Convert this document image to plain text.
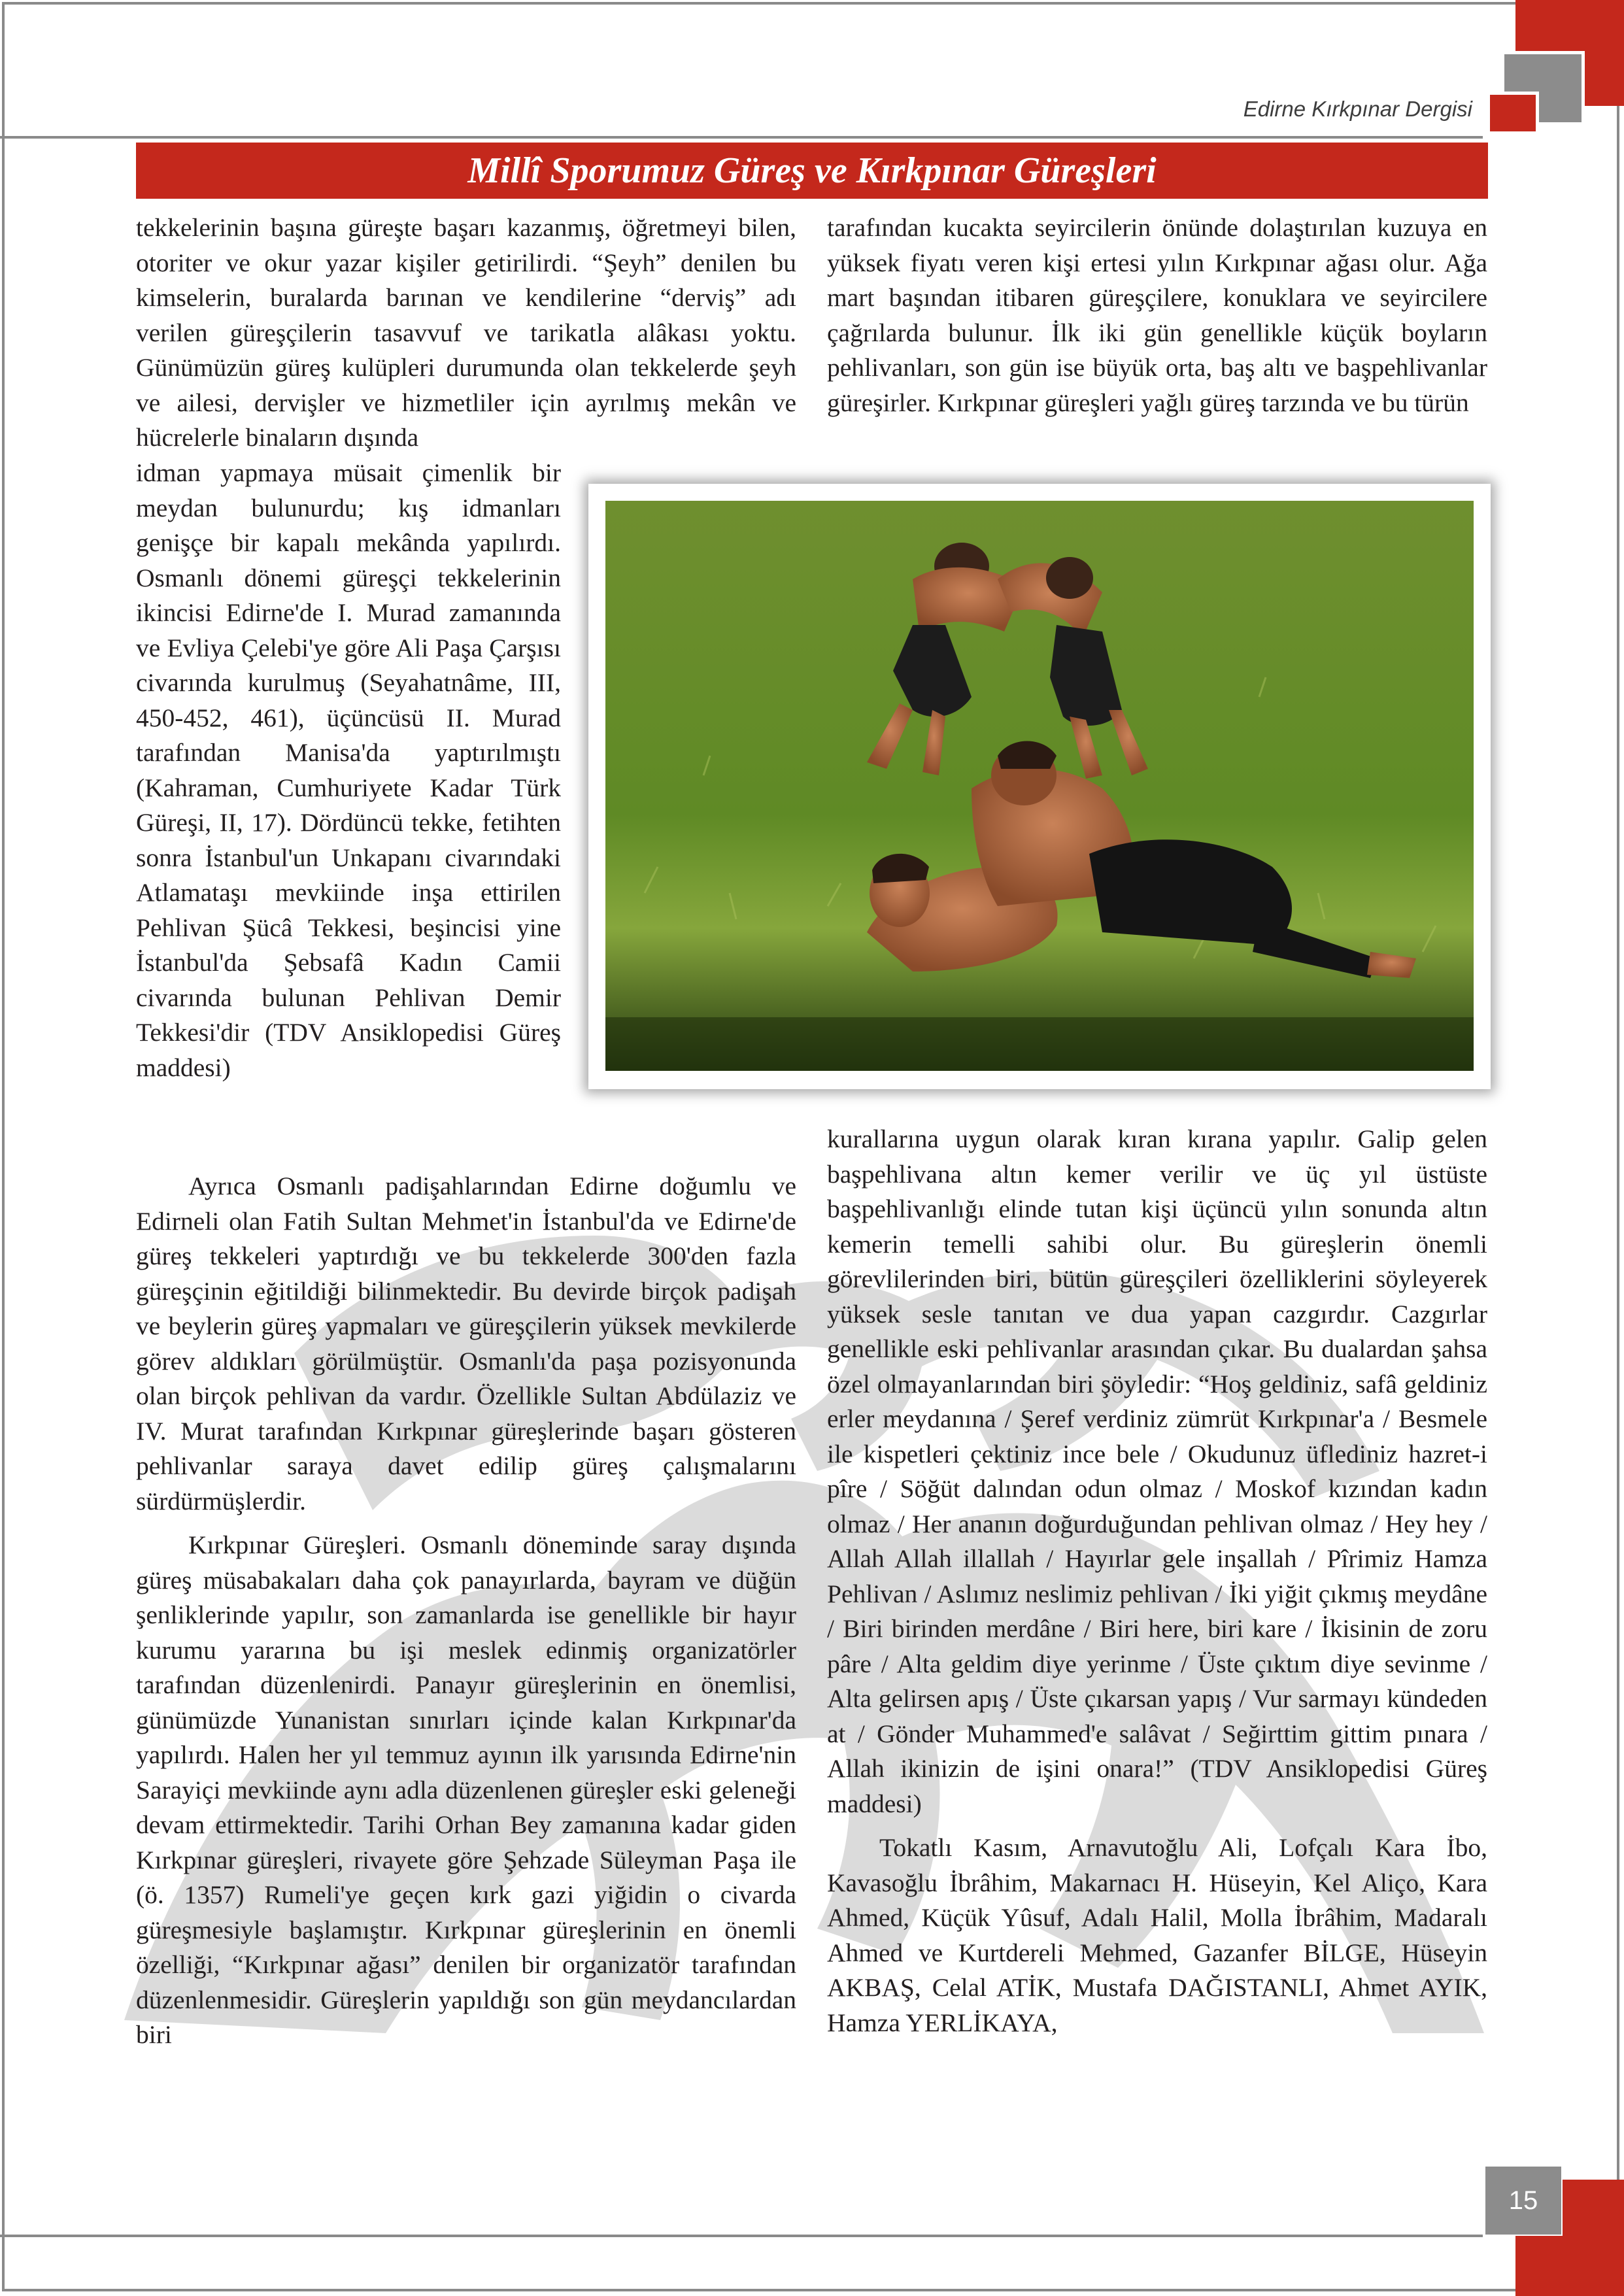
Edirne Kırkpınar Dergisi
Millî Sporumuz Güreş ve Kırkpınar Güreşleri

tekkelerinin başına güreşte başarı kazanmış, öğretmeyi bilen, otoriter ve okur yazar kişiler getirilirdi. “Şeyh” denilen bu kimselerin, buralarda barınan ve kendilerine “derviş” adı verilen güreşçilerin tasavvuf ve tarikatla alâkası yoktu. Günümüzün güreş kulüpleri durumunda olan tekkelerde şeyh ve ailesi, dervişler ve hizmetliler için ayrılmış mekân ve hücrelerle binaların dışında

idman yapmaya müsait çimenlik bir meydan bulunurdu; kış idmanları genişçe bir kapalı mekânda yapılırdı. Osmanlı dönemi güreşçi tekkelerinin ikincisi Edirne'de I. Murad zamanında ve Evliya Çelebi'ye göre Ali Paşa Çarşısı civarında kurulmuş (Seyahatnâme, III, 450-452, 461), üçüncüsü II. Murad tarafından Manisa'da yaptırılmıştı (Kahraman, Cumhuriyete Kadar Türk Güreşi, II, 17). Dördüncü tekke, fetihten sonra İstanbul'un Unkapanı civarındaki Atlamataşı mevkiinde inşa ettirilen Pehlivan Şücâ Tekkesi, beşincisi yine İstanbul'da Şebsafâ Kadın Camii civarında bulunan Pehlivan Demir Tekkesi'dir (TDV Ansiklopedisi Güreş maddesi)

Ayrıca Osmanlı padişahlarından Edirne doğumlu ve Edirneli olan Fatih Sultan Mehmet'in İstanbul'da ve Edirne'de güreş tekkeleri yaptırdığı ve bu tekkelerde 300'den fazla güreşçinin eğitildiği bilinmektedir. Bu devirde birçok padişah ve beylerin güreş yapmaları ve güreşçilerin yüksek mevkilerde görev aldıkları görülmüştür. Osmanlı'da paşa pozisyonunda olan birçok pehlivan da vardır. Özellikle Sultan Abdülaziz ve IV. Murat tarafından Kırkpınar güreşlerinde başarı gösteren pehlivanlar saraya davet edilip güreş çalışmalarını sürdürmüşlerdir.

Kırkpınar Güreşleri. Osmanlı döneminde saray dışında güreş müsabakaları daha çok panayırlarda, bayram ve düğün şenliklerinde yapılır, son zamanlarda ise genellikle bir hayır kurumu yararına bu işi meslek edinmiş organizatörler tarafından düzenlenirdi. Panayır güreşlerinin en önemlisi, günümüzde Yunanistan sınırları içinde kalan Kırkpınar'da yapılırdı. Halen her yıl temmuz ayının ilk yarısında Edirne'nin Sarayiçi mevkiinde aynı adla düzenlenen güreşler eski geleneği devam ettirmektedir. Tarihi Orhan Bey zamanına kadar giden Kırkpınar güreşleri, rivayete göre Şehzade Süleyman Paşa ile (ö. 1357) Rumeli'ye geçen kırk gazi yiğidin o civarda güreşmesiyle başlamıştır. Kırkpınar güreşlerinin en önemli özelliği, “Kırkpınar ağası” denilen bir organizatör tarafından düzenlenmesidir. Güreşlerin yapıldığı son gün meydancılardan biri

tarafından kucakta seyircilerin önünde dolaştırılan kuzuya en yüksek fiyatı veren kişi ertesi yılın Kırkpınar ağası olur. Ağa mart başından itibaren güreşçilere, konuklara ve seyircilere çağrılarda bulunur. İlk iki gün genellikle küçük boyların pehlivanları, son gün ise büyük orta, baş altı ve başpehlivanlar güreşirler. Kırkpınar güreşleri yağlı güreş tarzında ve bu türün

kurallarına uygun olarak kıran kırana yapılır. Galip gelen başpehlivana altın kemer verilir ve üç yıl üstüste başpehlivanlığı elinde tutan kişi üçüncü yılın sonunda altın kemerin temelli sahibi olur. Bu güreşlerin önemli görevlilerinden biri, bütün güreşçileri özelliklerini söyleyerek yüksek sesle tanıtan ve dua yapan cazgırdır. Cazgırlar genellikle eski pehlivanlar arasından çıkar. Bu dualardan şahsa özel olmayanlarından biri şöyledir: “Hoş geldiniz, safâ geldiniz erler meydanına / Şeref verdiniz zümrüt Kırkpınar'a / Besmele ile kispetleri çektiniz ince bele / Okudunuz üflediniz hazret-i pîre / Söğüt dalından odun olmaz / Moskof kızından kadın olmaz / Her ananın doğurduğundan pehlivan olmaz / Hey hey / Allah Allah illallah / Hayırlar gele inşallah / Pîrimiz Hamza Pehlivan / Aslımız neslimiz pehlivan / İki yiğit çıkmış meydâne / Biri birinden merdâne / Biri here, biri kare / İkisinin de zoru pâre / Alta geldim diye yerinme / Üste çıktım diye sevinme / Alta gelirsen apış / Üste çıkarsan yapış / Vur sarmayı kündeden at / Gönder Muhammed'e salâvat / Seğirttim gittim pınara / Allah ikinizin de işini onara!” (TDV Ansiklopedisi Güreş maddesi)

Tokatlı Kasım, Arnavutoğlu Ali, Lofçalı Kara İbo, Kavasoğlu İbrâhim, Makarnacı H. Hüseyin, Kel Aliço, Kara Ahmed, Küçük Yûsuf, Adalı Halil, Molla İbrâhim, Madaralı Ahmed ve Kurtdereli Mehmed, Gazanfer BİLGE, Hüseyin AKBAŞ, Celal ATİK, Mustafa DAĞISTANLI, Ahmet AYIK, Hamza YERLİKAYA,

15
